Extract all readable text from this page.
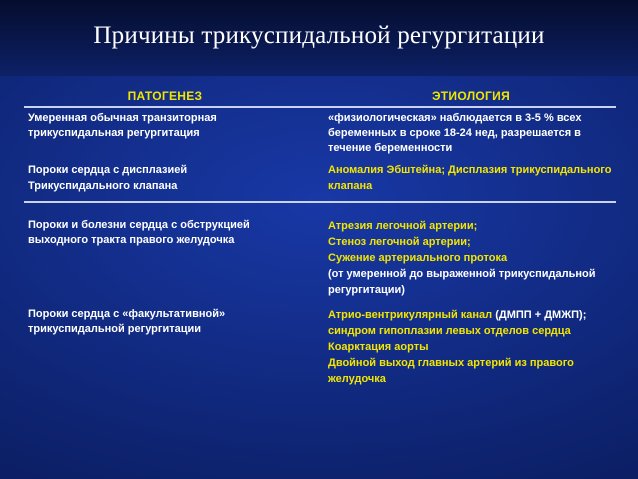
Причины трикуспидальной регургитации
ПАТОГЕНЕЗ	ЭТИОЛОГИЯ
Умеренная обычная транзиторная
трикуспидальная регургитация
«физиологическая» наблюдается в 3-5 % всех беременных в сроке 18-24 нед, разрешается в течение беременности
Пороки сердца с дисплазией
Трикуспидального клапана
Аномалия Эбштейна; Дисплазия трикуспидального клапана
Пороки и болезни сердца с обструкцией
выходного тракта правого желудочка
Атрезия легочной артерии;
Стеноз легочной артерии;
Сужение артериального протока
(от умеренной до выраженной трикуспидальной регургитации)
Пороки сердца с «факультативной»
трикуспидальной регургитации
Атрио-вентрикулярный канал (ДМПП + ДМЖП);
синдром гипоплазии левых отделов сердца
Коарктация аорты
Двойной выход главных артерий из правого желудочка
